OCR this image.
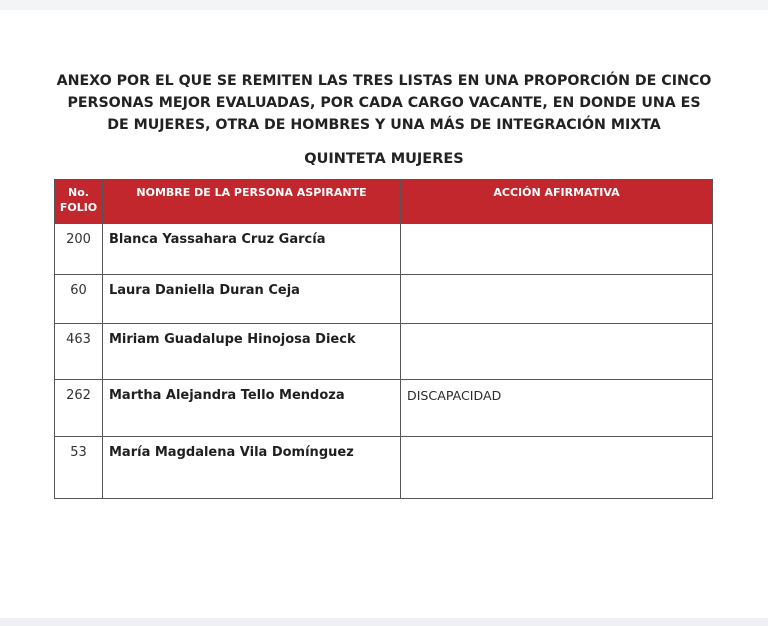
ANEXO POR EL QUE SE REMITEN LAS TRES LISTAS EN UNA PROPORCIÓN DE CINCO
PERSONAS MEJOR EVALUADAS, POR CADA CARGO VACANTE, EN DONDE UNA ES
DE MUJERES, OTRA DE HOMBRES Y UNA MÁS DE INTEGRACIÓN MIXTA
QUINTETA MUJERES
No.
FOLIO	NOMBRE DE LA PERSONA ASPIRANTE	ACCIÓN AFIRMATIVA
200	Blanca Yassahara Cruz García	
60	Laura Daniella Duran Ceja	
463	Miriam Guadalupe Hinojosa Dieck	
262	Martha Alejandra Tello Mendoza	DISCAPACIDAD
53	María Magdalena Vila Domínguez	
